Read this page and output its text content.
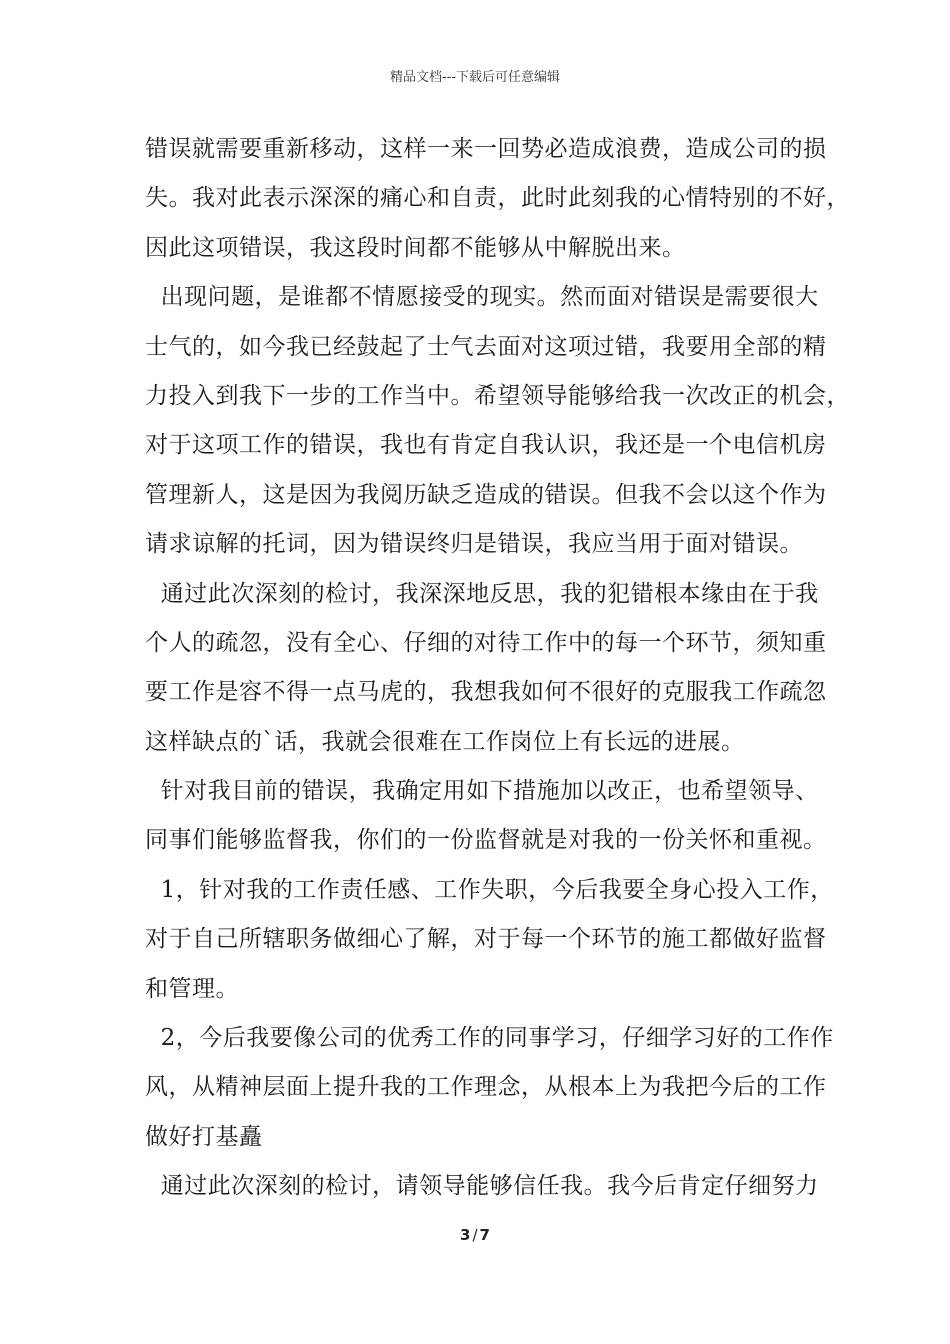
精品文档---下载后可任意编辑
错误就需要重新移动，这样一来一回势必造成浪费，造成公司的损
失。我对此表示深深的痛心和自责，此时此刻我的心情特别的不好，
因此这项错误，我这段时间都不能够从中解脱出来。
出现问题，是谁都不情愿接受的现实。然而面对错误是需要很大
士气的，如今我已经鼓起了士气去面对这项过错，我要用全部的精
力投入到我下一步的工作当中。希望领导能够给我一次改正的机会，
对于这项工作的错误，我也有肯定自我认识，我还是一个电信机房
管理新人，这是因为我阅历缺乏造成的错误。但我不会以这个作为
请求谅解的托词，因为错误终归是错误，我应当用于面对错误。
通过此次深刻的检讨，我深深地反思，我的犯错根本缘由在于我
个人的疏忽，没有全心、仔细的对待工作中的每一个环节，须知重
要工作是容不得一点马虎的，我想我如何不很好的克服我工作疏忽
这样缺点的`话，我就会很难在工作岗位上有长远的进展。
针对我目前的错误，我确定用如下措施加以改正，也希望领导、
同事们能够监督我，你们的一份监督就是对我的一份关怀和重视。
1，针对我的工作责任感、工作失职，今后我要全身心投入工作，
对于自己所辖职务做细心了解，对于每一个环节的施工都做好监督
和管理。
2，今后我要像公司的优秀工作的同事学习，仔细学习好的工作作
风，从精神层面上提升我的工作理念，从根本上为我把今后的工作
做好打基矗
通过此次深刻的检讨，请领导能够信任我。我今后肯定仔细努力
3 / 7
